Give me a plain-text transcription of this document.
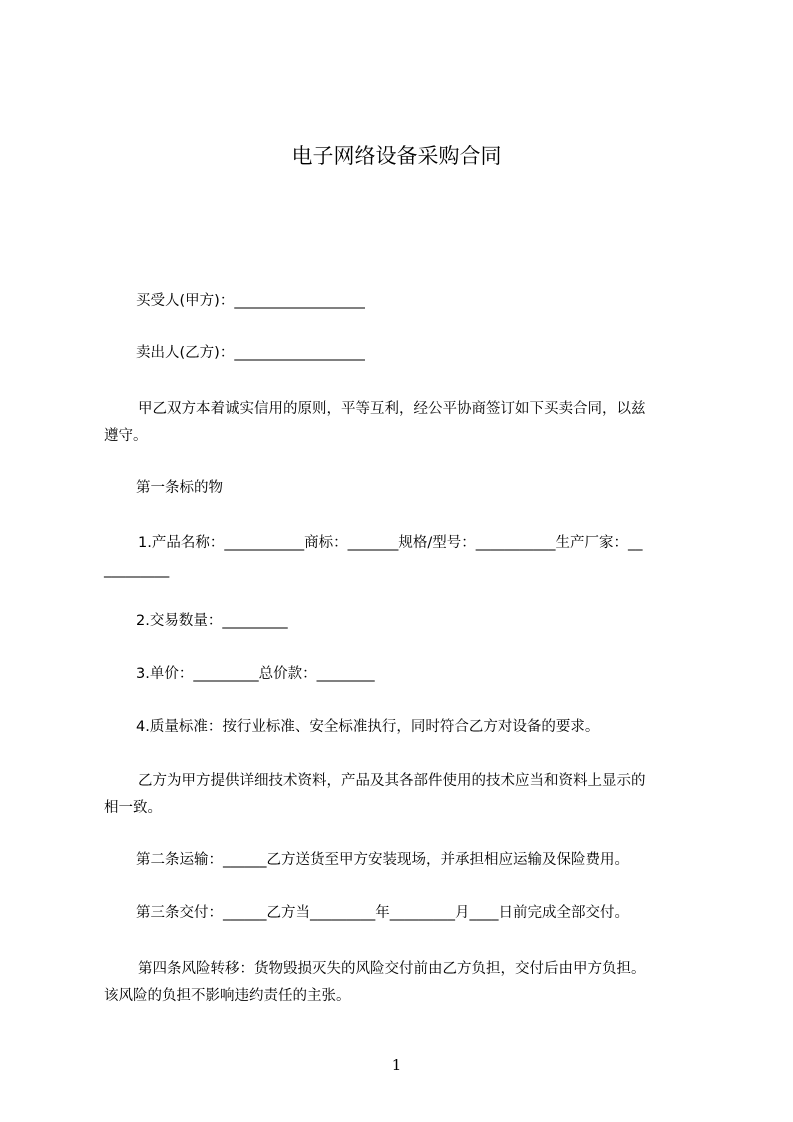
电子网络设备采购合同
买受人(甲方)：__________________
卖出人(乙方)：__________________
甲乙双方本着诚实信用的原则，平等互利，经公平协商签订如下买卖合同，以兹
遵守。
第一条标的物
1.产品名称：___________商标：_______规格/型号：___________生产厂家：__
_________
2.交易数量：_________
3.单价：_________总价款：________
4.质量标准：按行业标准、安全标准执行，同时符合乙方对设备的要求。
乙方为甲方提供详细技术资料，产品及其各部件使用的技术应当和资料上显示的
相一致。
第二条运输：______乙方送货至甲方安装现场，并承担相应运输及保险费用。
第三条交付：______乙方当_________年_________月____日前完成全部交付。
第四条风险转移：货物毁损灭失的风险交付前由乙方负担，交付后由甲方负担。
该风险的负担不影响违约责任的主张。
1
